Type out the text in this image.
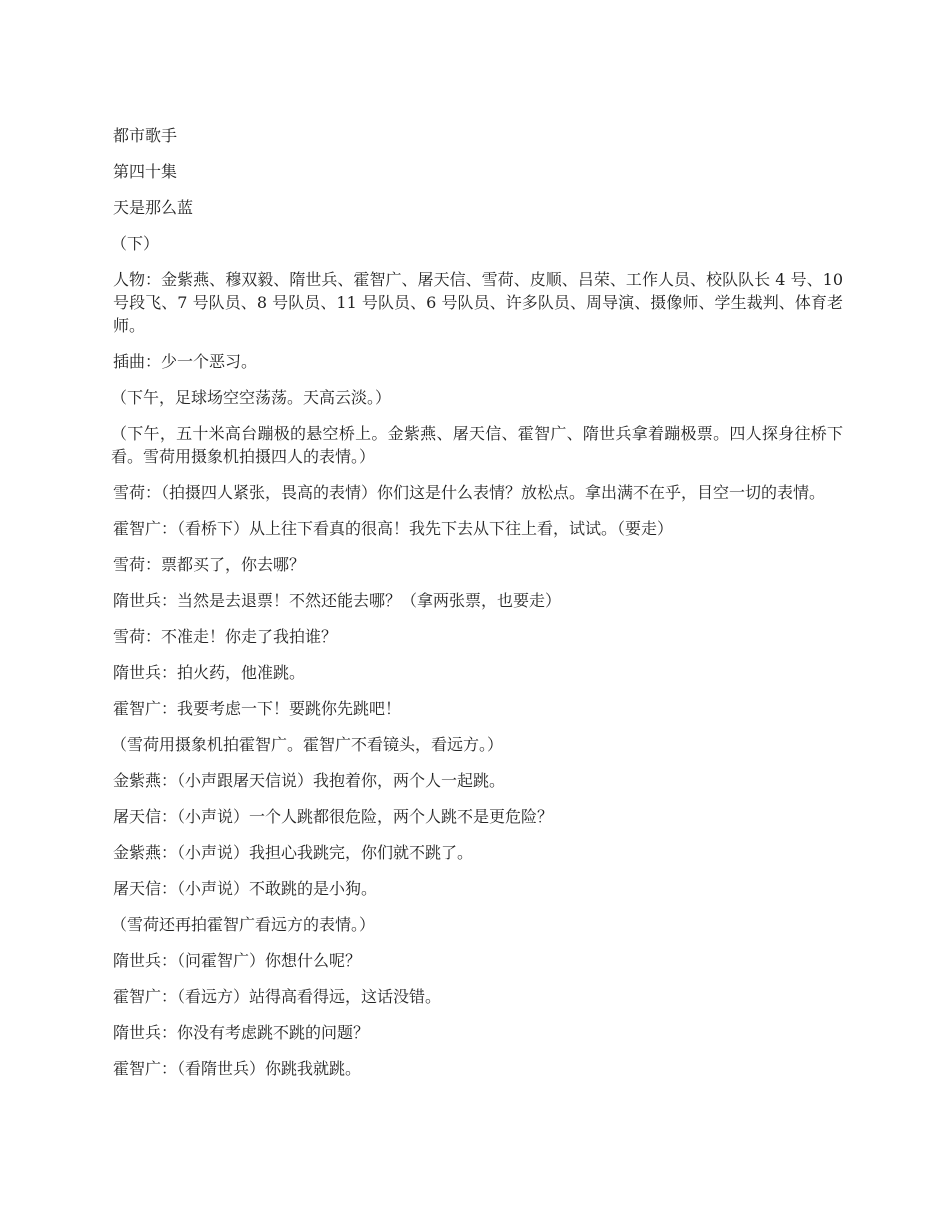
都市歌手

第四十集

天是那么蓝

（下）

人物：金紫燕、穆双毅、隋世兵、霍智广、屠天信、雪荷、皮顺、吕荣、工作人员、校队队长 4 号、10 号段飞、7 号队员、8 号队员、11 号队员、6 号队员、许多队员、周导演、摄像师、学生裁判、体育老师。

插曲：少一个恶习。

（下午，足球场空空荡荡。天高云淡。）

（下午，五十米高台蹦极的悬空桥上。金紫燕、屠天信、霍智广、隋世兵拿着蹦极票。四人探身往桥下看。雪荷用摄象机拍摄四人的表情。）

雪荷：（拍摄四人紧张，畏高的表情）你们这是什么表情？放松点。拿出满不在乎，目空一切的表情。

霍智广：（看桥下）从上往下看真的很高！我先下去从下往上看，试试。（要走）

雪荷：票都买了，你去哪？

隋世兵：当然是去退票！不然还能去哪？（拿两张票，也要走）

雪荷：不准走！你走了我拍谁？

隋世兵：拍火药，他准跳。

霍智广：我要考虑一下！要跳你先跳吧！

（雪荷用摄象机拍霍智广。霍智广不看镜头，看远方。）

金紫燕：（小声跟屠天信说）我抱着你，两个人一起跳。

屠天信：（小声说）一个人跳都很危险，两个人跳不是更危险？

金紫燕：（小声说）我担心我跳完，你们就不跳了。

屠天信：（小声说）不敢跳的是小狗。

（雪荷还再拍霍智广看远方的表情。）

隋世兵：（问霍智广）你想什么呢？

霍智广：（看远方）站得高看得远，这话没错。

隋世兵：你没有考虑跳不跳的问题？

霍智广：（看隋世兵）你跳我就跳。
